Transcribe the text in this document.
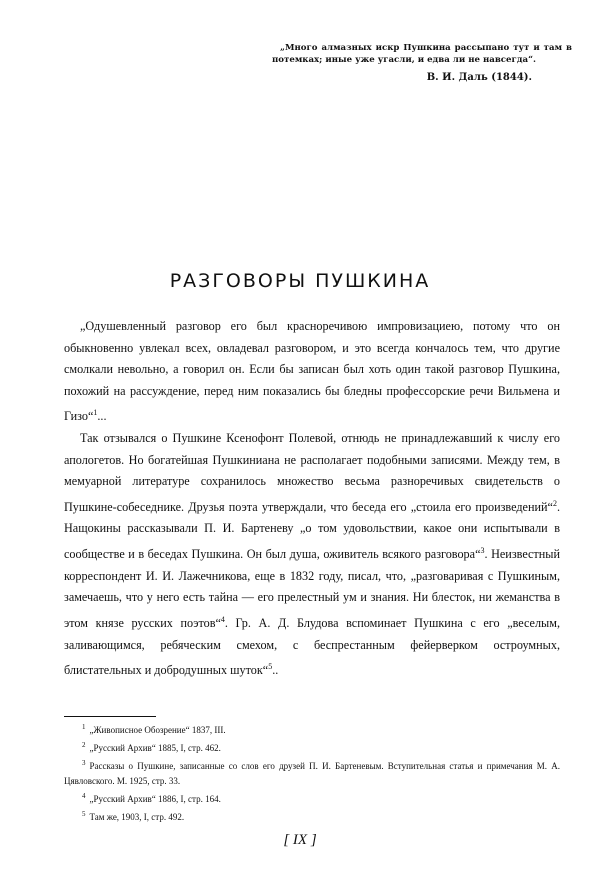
„Много алмазных искр Пушкина рассыпано тут и там в потемках; иные уже угасли, и едва ли не навсегда“.
В. И. Даль (1844).
РАЗГОВОРЫ ПУШКИНА

„Одушевленный разговор его был красноречивою импровизациею, потому что он обыкновенно увлекал всех, овладевал разговором, и это всегда кончалось тем, что другие смолкали невольно, а говорил он. Если бы записан был хоть один такой разговор Пушкина, похожий на рассуждение, перед ним показались бы бледны профессорские речи Вильмена и Гизо“$^1$...

Так отзывался о Пушкине Ксенофонт Полевой, отнюдь не принадлежавший к числу его апологетов. Но богатейшая Пушкиниана не располагает подобными записями. Между тем, в мемуарной литературе сохранилось множество весьма разноречивых свидетельств о Пушкине-собеседнике. Друзья поэта утверждали, что беседа его „стоила его произведений“$^2$. Нащокины рассказывали П. И. Бартеневу „о том удовольствии, какое они испытывали в сообществе и в беседах Пушкина. Он был душа, оживитель всякого разговора“$^3$. Неизвестный корреспондент И. И. Лажечникова, еще в 1832 году, писал, что, „разговаривая с Пушкиным, замечаешь, что у него есть тайна — его прелестный ум и знания. Ни блесток, ни жеманства в этом князе русских поэтов“$^4$. Гр. А. Д. Блудова вспоминает Пушкина с его „веселым, заливающимся, ребяческим смехом, с беспрестанным фейерверком остроумных, блистательных и добродушных шуток“$^5$..

$^1$ „Живописное Обозрение“ 1837, III.
$^2$ „Русский Архив“ 1885, I, стр. 462.
$^3$ Рассказы о Пушкине, записанные со слов его друзей П. И. Бартеневым. Вступительная статья и примечания М. А. Цявловского. М. 1925, стр. 33.
$^4$ „Русский Архив“ 1886, I, стр. 164.
$^5$ Там же, 1903, I, стр. 492.
[ IX ]
